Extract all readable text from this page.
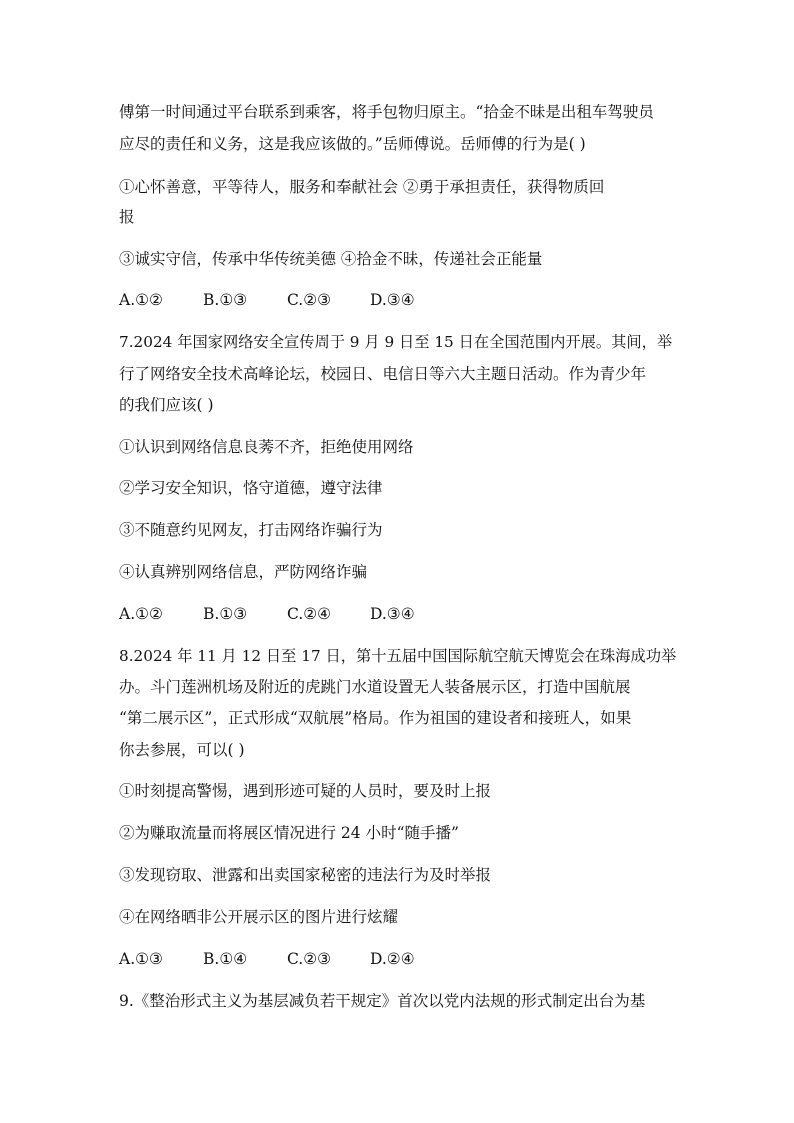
傅第一时间通过平台联系到乘客，将手包物归原主。“拾金不昧是出租车驾驶员
应尽的责任和义务，这是我应该做的。”岳师傅说。岳师傅的行为是( )
①心怀善意，平等待人，服务和奉献社会 ②勇于承担责任，获得物质回
报
③诚实守信，传承中华传统美德 ④拾金不昧，传递社会正能量
A.①②	B.①③	C.②③	D.③④
7.2024 年国家网络安全宣传周于 9 月 9 日至 15 日在全国范围内开展。其间，举
行了网络安全技术高峰论坛，校园日、电信日等六大主题日活动。作为青少年
的我们应该( )
①认识到网络信息良莠不齐，拒绝使用网络
②学习安全知识，恪守道德，遵守法律
③不随意约见网友，打击网络诈骗行为
④认真辨别网络信息，严防网络诈骗
A.①②	B.①③	C.②④	D.③④
8.2024 年 11 月 12 日至 17 日，第十五届中国国际航空航天博览会在珠海成功举
办。斗门莲洲机场及附近的虎跳门水道设置无人装备展示区，打造中国航展
“第二展示区”，正式形成“双航展”格局。作为祖国的建设者和接班人，如果
你去参展，可以( )
①时刻提高警惕，遇到形迹可疑的人员时，要及时上报
②为赚取流量而将展区情况进行 24 小时“随手播”
③发现窃取、泄露和出卖国家秘密的违法行为及时举报
④在网络晒非公开展示区的图片进行炫耀
A.①③	B.①④	C.②③	D.②④
9.《整治形式主义为基层减负若干规定》首次以党内法规的形式制定出台为基
